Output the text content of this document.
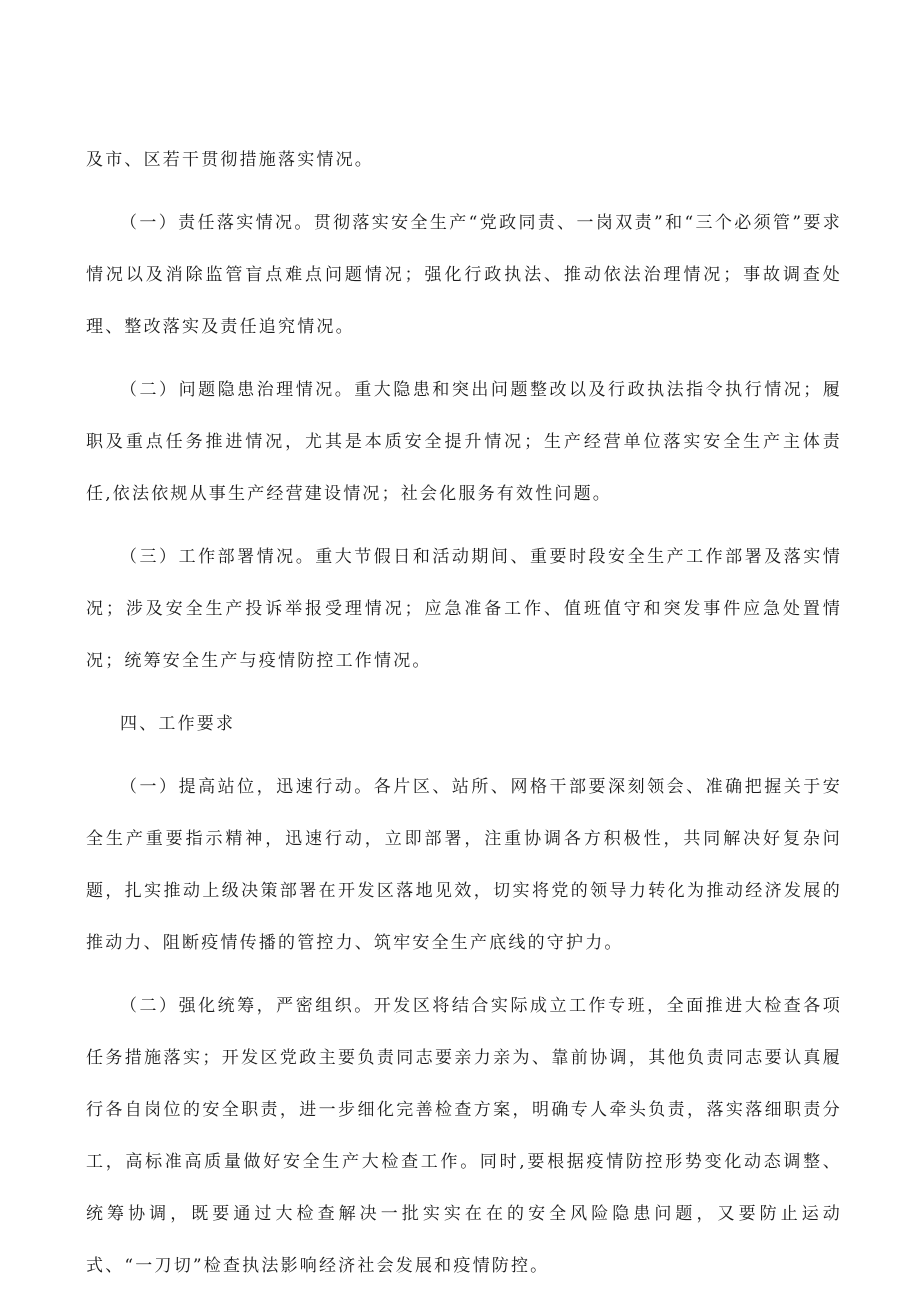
及市、区若干贯彻措施落实情况。

（一）责任落实情况。贯彻落实安全生产“党政同责、一岗双责”和“三个必须管”要求情况以及消除监管盲点难点问题情况；强化行政执法、推动依法治理情况；事故调查处理、整改落实及责任追究情况。

（二）问题隐患治理情况。重大隐患和突出问题整改以及行政执法指令执行情况；履职及重点任务推进情况，尤其是本质安全提升情况；生产经营单位落实安全生产主体责任,依法依规从事生产经营建设情况；社会化服务有效性问题。

（三）工作部署情况。重大节假日和活动期间、重要时段安全生产工作部署及落实情况；涉及安全生产投诉举报受理情况；应急准备工作、值班值守和突发事件应急处置情况；统筹安全生产与疫情防控工作情况。

四、工作要求

（一）提高站位，迅速行动。各片区、站所、网格干部要深刻领会、准确把握关于安全生产重要指示精神，迅速行动，立即部署，注重协调各方积极性，共同解决好复杂问题，扎实推动上级决策部署在开发区落地见效，切实将党的领导力转化为推动经济发展的推动力、阻断疫情传播的管控力、筑牢安全生产底线的守护力。

（二）强化统筹，严密组织。开发区将结合实际成立工作专班，全面推进大检查各项任务措施落实；开发区党政主要负责同志要亲力亲为、靠前协调，其他负责同志要认真履行各自岗位的安全职责，进一步细化完善检查方案，明确专人牵头负责，落实落细职责分工，高标准高质量做好安全生产大检查工作。同时,要根据疫情防控形势变化动态调整、统筹协调，既要通过大检查解决一批实实在在的安全风险隐患问题，又要防止运动式、“一刀切”检查执法影响经济社会发展和疫情防控。
